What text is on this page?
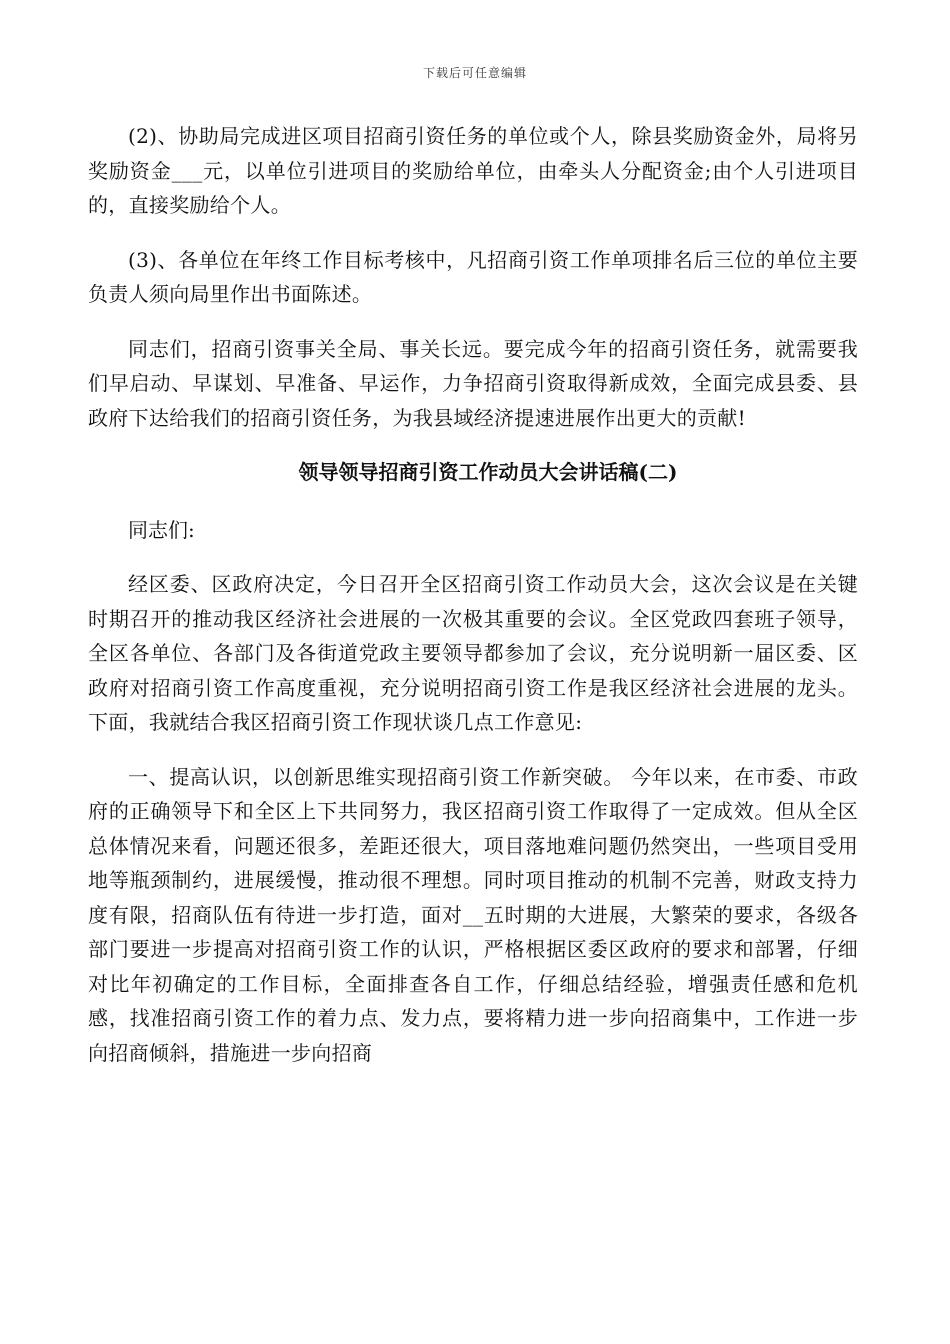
下载后可任意编辑

(2)、协助局完成进区项目招商引资任务的单位或个人，除县奖励资金外，局将另奖励资金___元，以单位引进项目的奖励给单位，由牵头人分配资金;由个人引进项目的，直接奖励给个人。

(3)、各单位在年终工作目标考核中，凡招商引资工作单项排名后三位的单位主要负责人须向局里作出书面陈述。

同志们，招商引资事关全局、事关长远。要完成今年的招商引资任务，就需要我们早启动、早谋划、早准备、早运作，力争招商引资取得新成效，全面完成县委、县政府下达给我们的招商引资任务，为我县域经济提速进展作出更大的贡献!

领导领导招商引资工作动员大会讲话稿(二)

同志们:

经区委、区政府决定，今日召开全区招商引资工作动员大会，这次会议是在关键时期召开的推动我区经济社会进展的一次极其重要的会议。全区党政四套班子领导，全区各单位、各部门及各街道党政主要领导都参加了会议，充分说明新一届区委、区政府对招商引资工作高度重视，充分说明招商引资工作是我区经济社会进展的龙头。下面，我就结合我区招商引资工作现状谈几点工作意见:

一、提高认识，以创新思维实现招商引资工作新突破。 今年以来，在市委、市政府的正确领导下和全区上下共同努力，我区招商引资工作取得了一定成效。但从全区总体情况来看，问题还很多，差距还很大，项目落地难问题仍然突出，一些项目受用地等瓶颈制约，进展缓慢，推动很不理想。同时项目推动的机制不完善，财政支持力度有限，招商队伍有待进一步打造，面对__五时期的大进展，大繁荣的要求，各级各部门要进一步提高对招商引资工作的认识，严格根据区委区政府的要求和部署，仔细对比年初确定的工作目标，全面排查各自工作，仔细总结经验，增强责任感和危机感，找准招商引资工作的着力点、发力点，要将精力进一步向招商集中，工作进一步向招商倾斜，措施进一步向招商
